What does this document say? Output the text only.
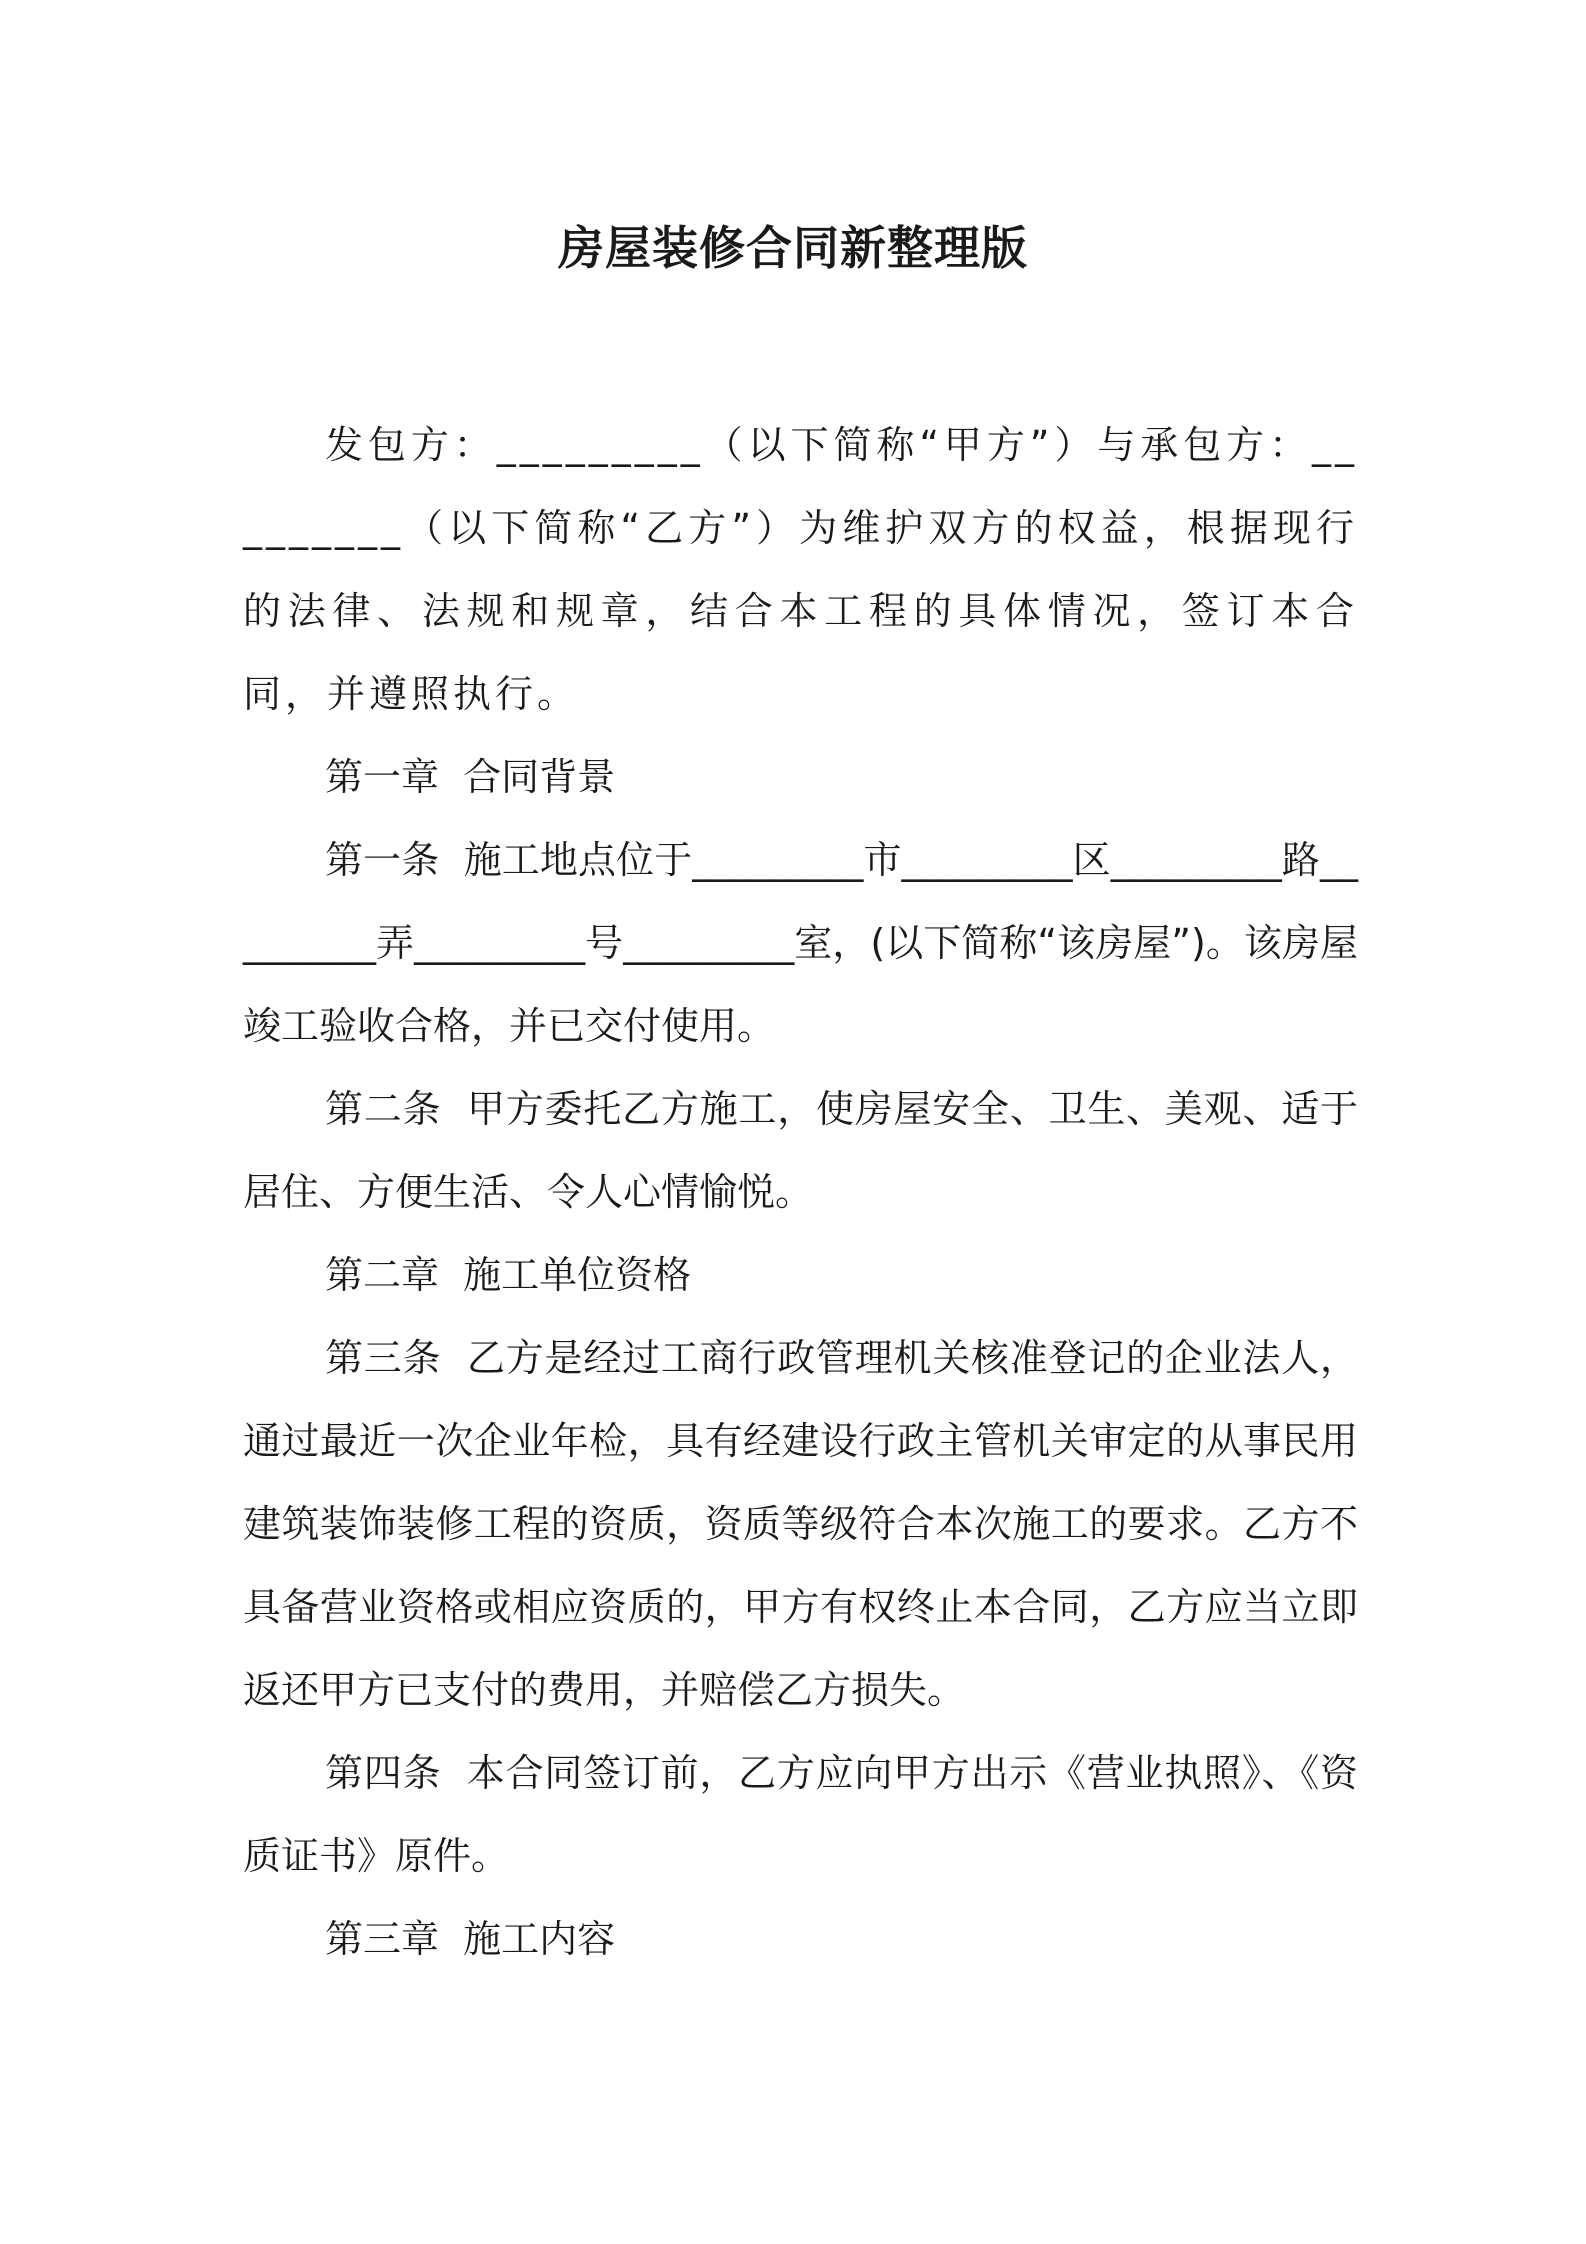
房屋装修合同新整理版

发包方：_________（以下简称“甲方”）与承包方：_________（以下简称“乙方”）为维护双方的权益，根据现行的法律、法规和规章，结合本工程的具体情况，签订本合同，并遵照执行。

第一章  合同背景

第一条  施工地点位于_________市_________区_________路_________弄_________号_________室，(以下简称“该房屋”)。该房屋竣工验收合格，并已交付使用。

第二条  甲方委托乙方施工，使房屋安全、卫生、美观、适于居住、方便生活、令人心情愉悦。

第二章  施工单位资格

第三条  乙方是经过工商行政管理机关核准登记的企业法人，通过最近一次企业年检，具有经建设行政主管机关审定的从事民用建筑装饰装修工程的资质，资质等级符合本次施工的要求。乙方不具备营业资格或相应资质的，甲方有权终止本合同，乙方应当立即返还甲方已支付的费用，并赔偿乙方损失。

第四条  本合同签订前，乙方应向甲方出示《营业执照》、《资质证书》原件。

第三章  施工内容
